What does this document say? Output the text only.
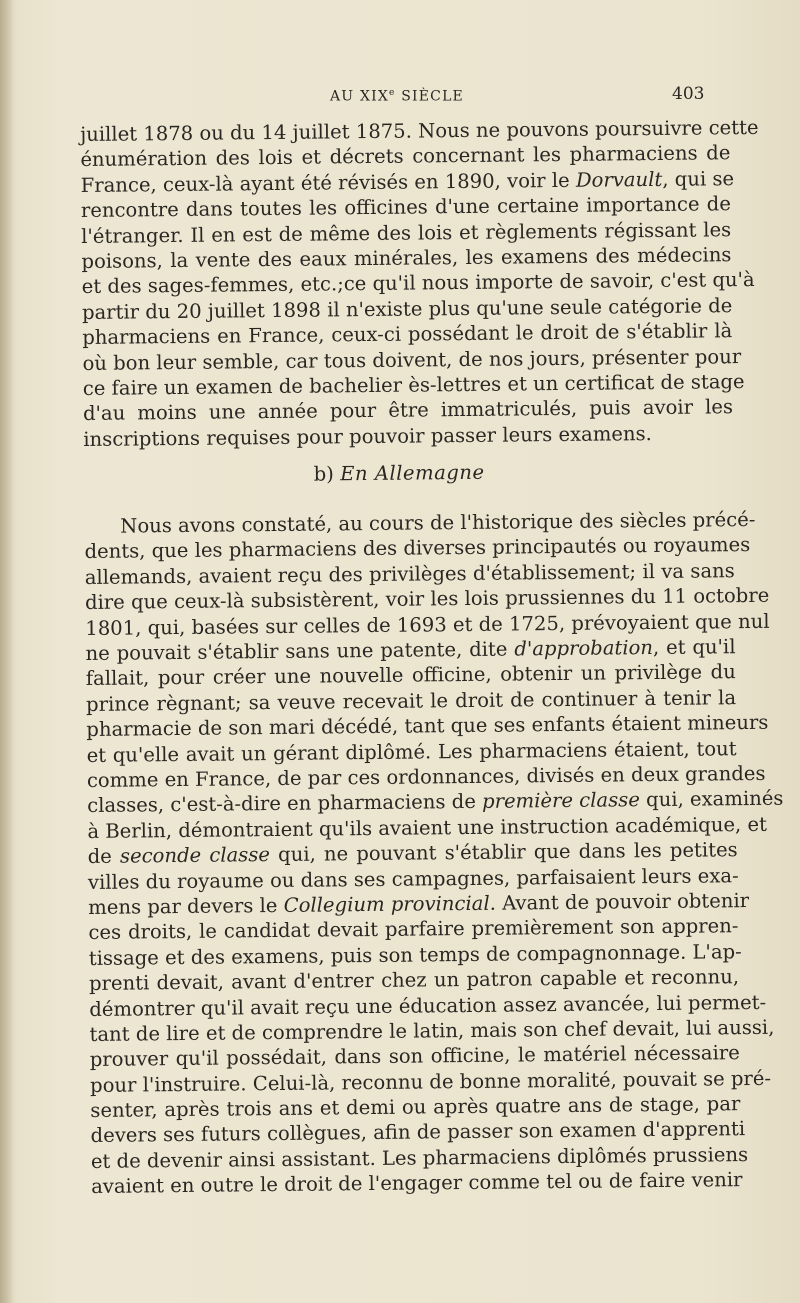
AU XIXe SIÈCLE	403
juillet 1878 ou du 14 juillet 1875. Nous ne pouvons poursuivre cette
énumération des lois et décrets concernant les pharmaciens de
France, ceux-là ayant été révisés en 1890, voir le Dorvault, qui se
rencontre dans toutes les officines d'une certaine importance de
l'étranger. Il en est de même des lois et règlements régissant les
poisons, la vente des eaux minérales, les examens des médecins
et des sages-femmes, etc.;ce qu'il nous importe de savoir, c'est qu'à
partir du 20 juillet 1898 il n'existe plus qu'une seule catégorie de
pharmaciens en France, ceux-ci possédant le droit de s'établir là
où bon leur semble, car tous doivent, de nos jours, présenter pour
ce faire un examen de bachelier ès-lettres et un certificat de stage
d'au moins une année pour être immatriculés, puis avoir les
inscriptions requises pour pouvoir passer leurs examens.
b) En Allemagne
Nous avons constaté, au cours de l'historique des siècles précé-
dents, que les pharmaciens des diverses principautés ou royaumes
allemands, avaient reçu des privilèges d'établissement; il va sans
dire que ceux-là subsistèrent, voir les lois prussiennes du 11 octobre
1801, qui, basées sur celles de 1693 et de 1725, prévoyaient que nul
ne pouvait s'établir sans une patente, dite d'approbation, et qu'il
fallait, pour créer une nouvelle officine, obtenir un privilège du
prince règnant; sa veuve recevait le droit de continuer à tenir la
pharmacie de son mari décédé, tant que ses enfants étaient mineurs
et qu'elle avait un gérant diplômé. Les pharmaciens étaient, tout
comme en France, de par ces ordonnances, divisés en deux grandes
classes, c'est-à-dire en pharmaciens de première classe qui, examinés
à Berlin, démontraient qu'ils avaient une instruction académique, et
de seconde classe qui, ne pouvant s'établir que dans les petites
villes du royaume ou dans ses campagnes, parfaisaient leurs exa-
mens par devers le Collegium provincial. Avant de pouvoir obtenir
ces droits, le candidat devait parfaire premièrement son appren-
tissage et des examens, puis son temps de compagnonnage. L'ap-
prenti devait, avant d'entrer chez un patron capable et reconnu,
démontrer qu'il avait reçu une éducation assez avancée, lui permet-
tant de lire et de comprendre le latin, mais son chef devait, lui aussi,
prouver qu'il possédait, dans son officine, le matériel nécessaire
pour l'instruire. Celui-là, reconnu de bonne moralité, pouvait se pré-
senter, après trois ans et demi ou après quatre ans de stage, par
devers ses futurs collègues, afin de passer son examen d'apprenti
et de devenir ainsi assistant. Les pharmaciens diplômés prussiens
avaient en outre le droit de l'engager comme tel ou de faire venir
